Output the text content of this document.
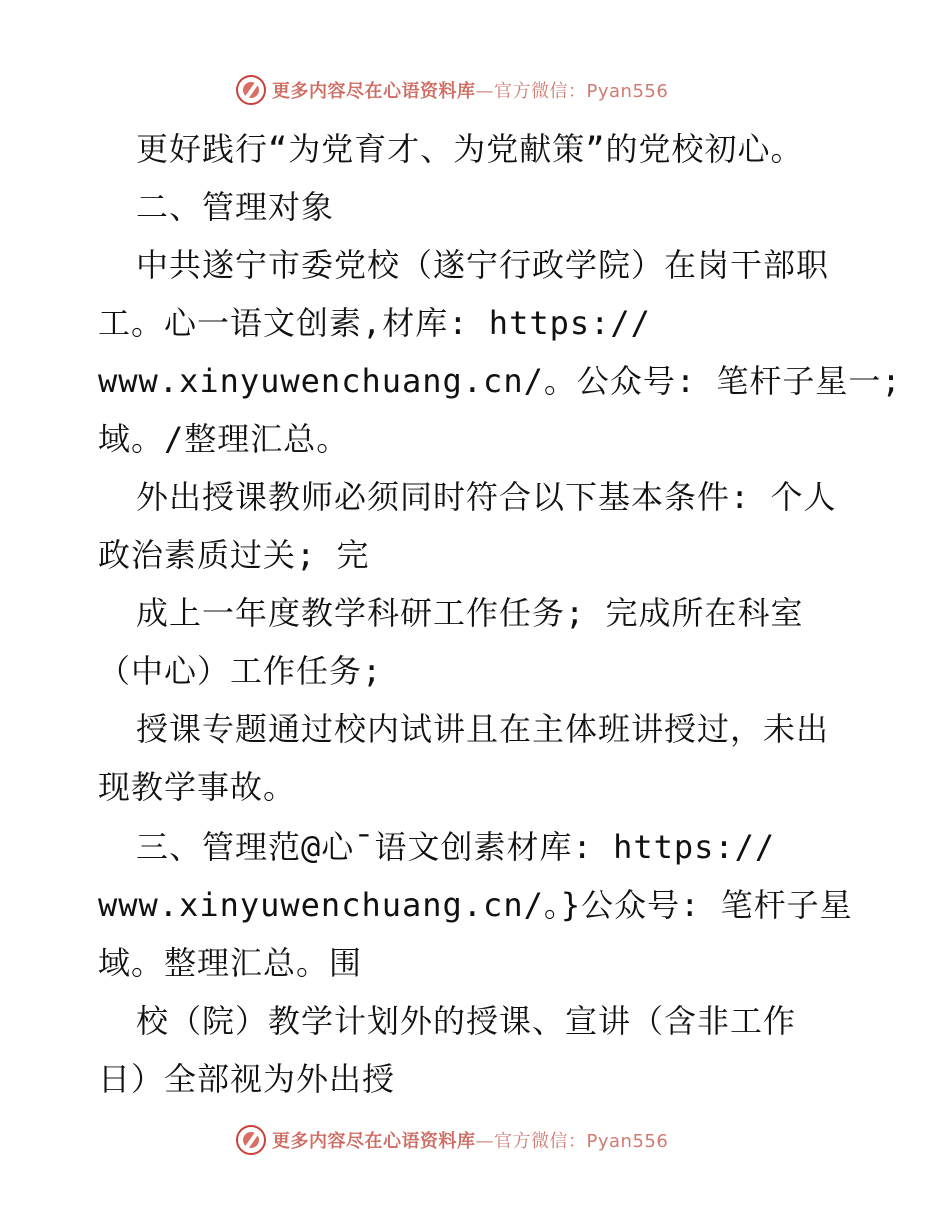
更多内容尽在心语资料库—官方微信：Pyan556
更好践行“为党育才、为党献策”的党校初心。
二、管理对象
中共遂宁市委党校（遂宁行政学院）在岗干部职
工。心一语文创素,材库: https://
www.xinyuwenchuang.cn/。公众号: 笔杆子星一;
域。/整理汇总。
外出授课教师必须同时符合以下基本条件: 个人
政治素质过关; 完
成上一年度教学科研工作任务; 完成所在科室
（中心）工作任务;
授课专题通过校内试讲且在主体班讲授过，未出
现教学事故。
三、管理范@心¯语文创素材库: https://
www.xinyuwenchuang.cn/。}公众号: 笔杆子星
域。整理汇总。围
校（院）教学计划外的授课、宣讲（含非工作
日）全部视为外出授
更多内容尽在心语资料库—官方微信：Pyan556
